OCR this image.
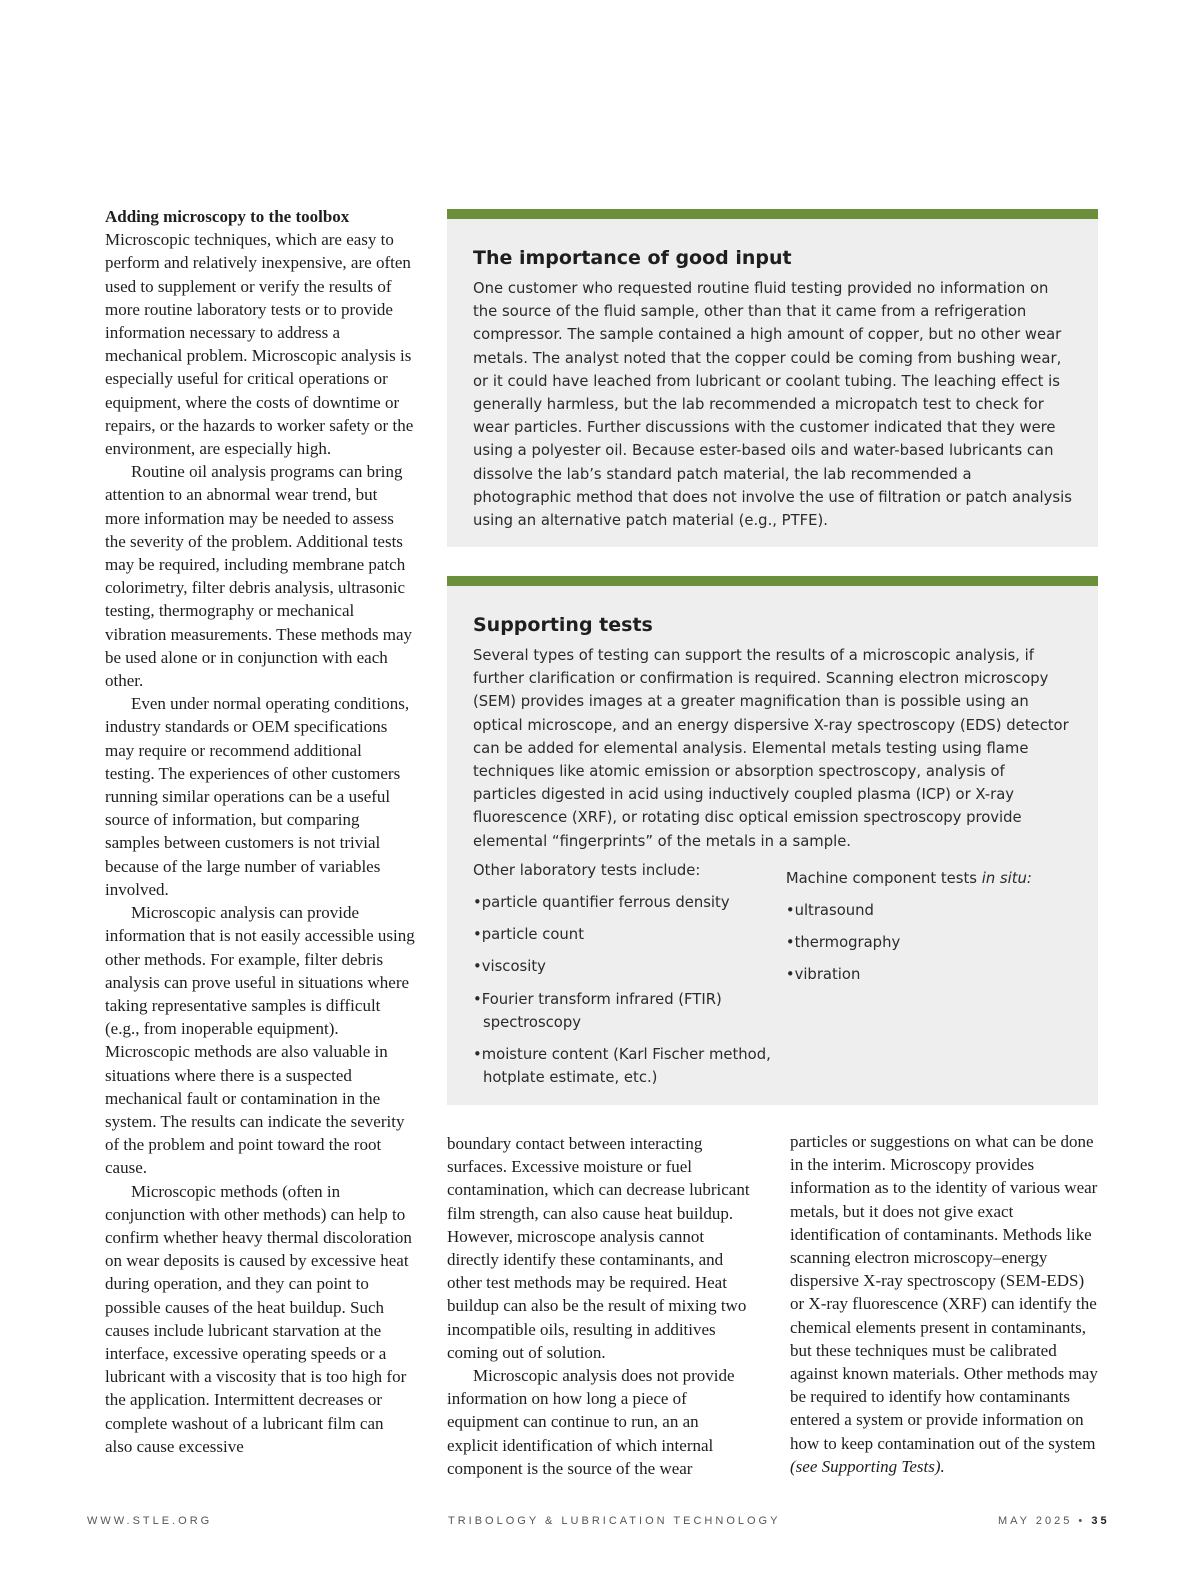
Adding microscopy to the toolbox

Microscopic techniques, which are easy to perform and relatively inexpensive, are often used to supplement or verify the results of more routine laboratory tests or to provide information necessary to address a mechanical problem. Microscopic analysis is especially useful for critical operations or equipment, where the costs of downtime or repairs, or the hazards to worker safety or the environment, are especially high.

Routine oil analysis programs can bring attention to an abnormal wear trend, but more information may be needed to assess the severity of the problem. Additional tests may be required, including membrane patch colorimetry, filter debris analysis, ultrasonic testing, thermography or mechanical vibration measurements. These methods may be used alone or in conjunction with each other.

Even under normal operating conditions, industry standards or OEM specifications may require or recommend additional testing. The experiences of other customers running similar operations can be a useful source of information, but comparing samples between customers is not trivial because of the large number of variables involved.

Microscopic analysis can provide information that is not easily accessible using other methods. For example, filter debris analysis can prove useful in situations where taking representative samples is difficult (e.g., from inoperable equipment). Microscopic methods are also valuable in situations where there is a suspected mechanical fault or contamination in the system. The results can indicate the severity of the problem and point toward the root cause.

Microscopic methods (often in conjunction with other methods) can help to confirm whether heavy thermal discoloration on wear deposits is caused by excessive heat during operation, and they can point to possible causes of the heat buildup. Such causes include lubricant starvation at the interface, excessive operating speeds or a lubricant with a viscosity that is too high for the application. Intermittent decreases or complete washout of a lubricant film can also cause excessive

The importance of good input

One customer who requested routine fluid testing provided no information on the source of the fluid sample, other than that it came from a refrigeration compressor. The sample contained a high amount of copper, but no other wear metals. The analyst noted that the copper could be coming from bushing wear, or it could have leached from lubricant or coolant tubing. The leaching effect is generally harmless, but the lab recommended a micropatch test to check for wear particles. Further discussions with the customer indicated that they were using a polyester oil. Because ester-based oils and water-based lubricants can dissolve the lab’s standard patch material, the lab recommended a photographic method that does not involve the use of filtration or patch analysis using an alternative patch material (e.g., PTFE).

Supporting tests

Several types of testing can support the results of a microscopic analysis, if further clarification or confirmation is required. Scanning electron microscopy (SEM) provides images at a greater magnification than is possible using an optical microscope, and an energy dispersive X-ray spectroscopy (EDS) detector can be added for elemental analysis. Elemental metals testing using flame techniques like atomic emission or absorption spectroscopy, analysis of particles digested in acid using inductively coupled plasma (ICP) or X-ray fluorescence (XRF), or rotating disc optical emission spectroscopy provide elemental “fingerprints” of the metals in a sample.

Other laboratory tests include:
• particle quantifier ferrous density
• particle count
• viscosity
• Fourier transform infrared (FTIR) spectroscopy
• moisture content (Karl Fischer method, hotplate estimate, etc.)
Machine component tests in situ:
• ultrasound
• thermography
• vibration

boundary contact between interacting surfaces. Excessive moisture or fuel contamination, which can decrease lubricant film strength, can also cause heat buildup. However, microscope analysis cannot directly identify these contaminants, and other test methods may be required. Heat buildup can also be the result of mixing two incompatible oils, resulting in additives coming out of solution.

Microscopic analysis does not provide information on how long a piece of equipment can continue to run, an an explicit identification of which internal component is the source of the wear

particles or suggestions on what can be done in the interim. Microscopy provides information as to the identity of various wear metals, but it does not give exact identification of contaminants. Methods like scanning electron microscopy–energy dispersive X-ray spectroscopy (SEM-EDS) or X-ray fluorescence (XRF) can identify the chemical elements present in contaminants, but these techniques must be calibrated against known materials. Other methods may be required to identify how contaminants entered a system or provide information on how to keep contamination out of the system (see Supporting Tests).

WWW.STLE.ORG	TRIBOLOGY & LUBRICATION TECHNOLOGY	MAY 2025 • 35
